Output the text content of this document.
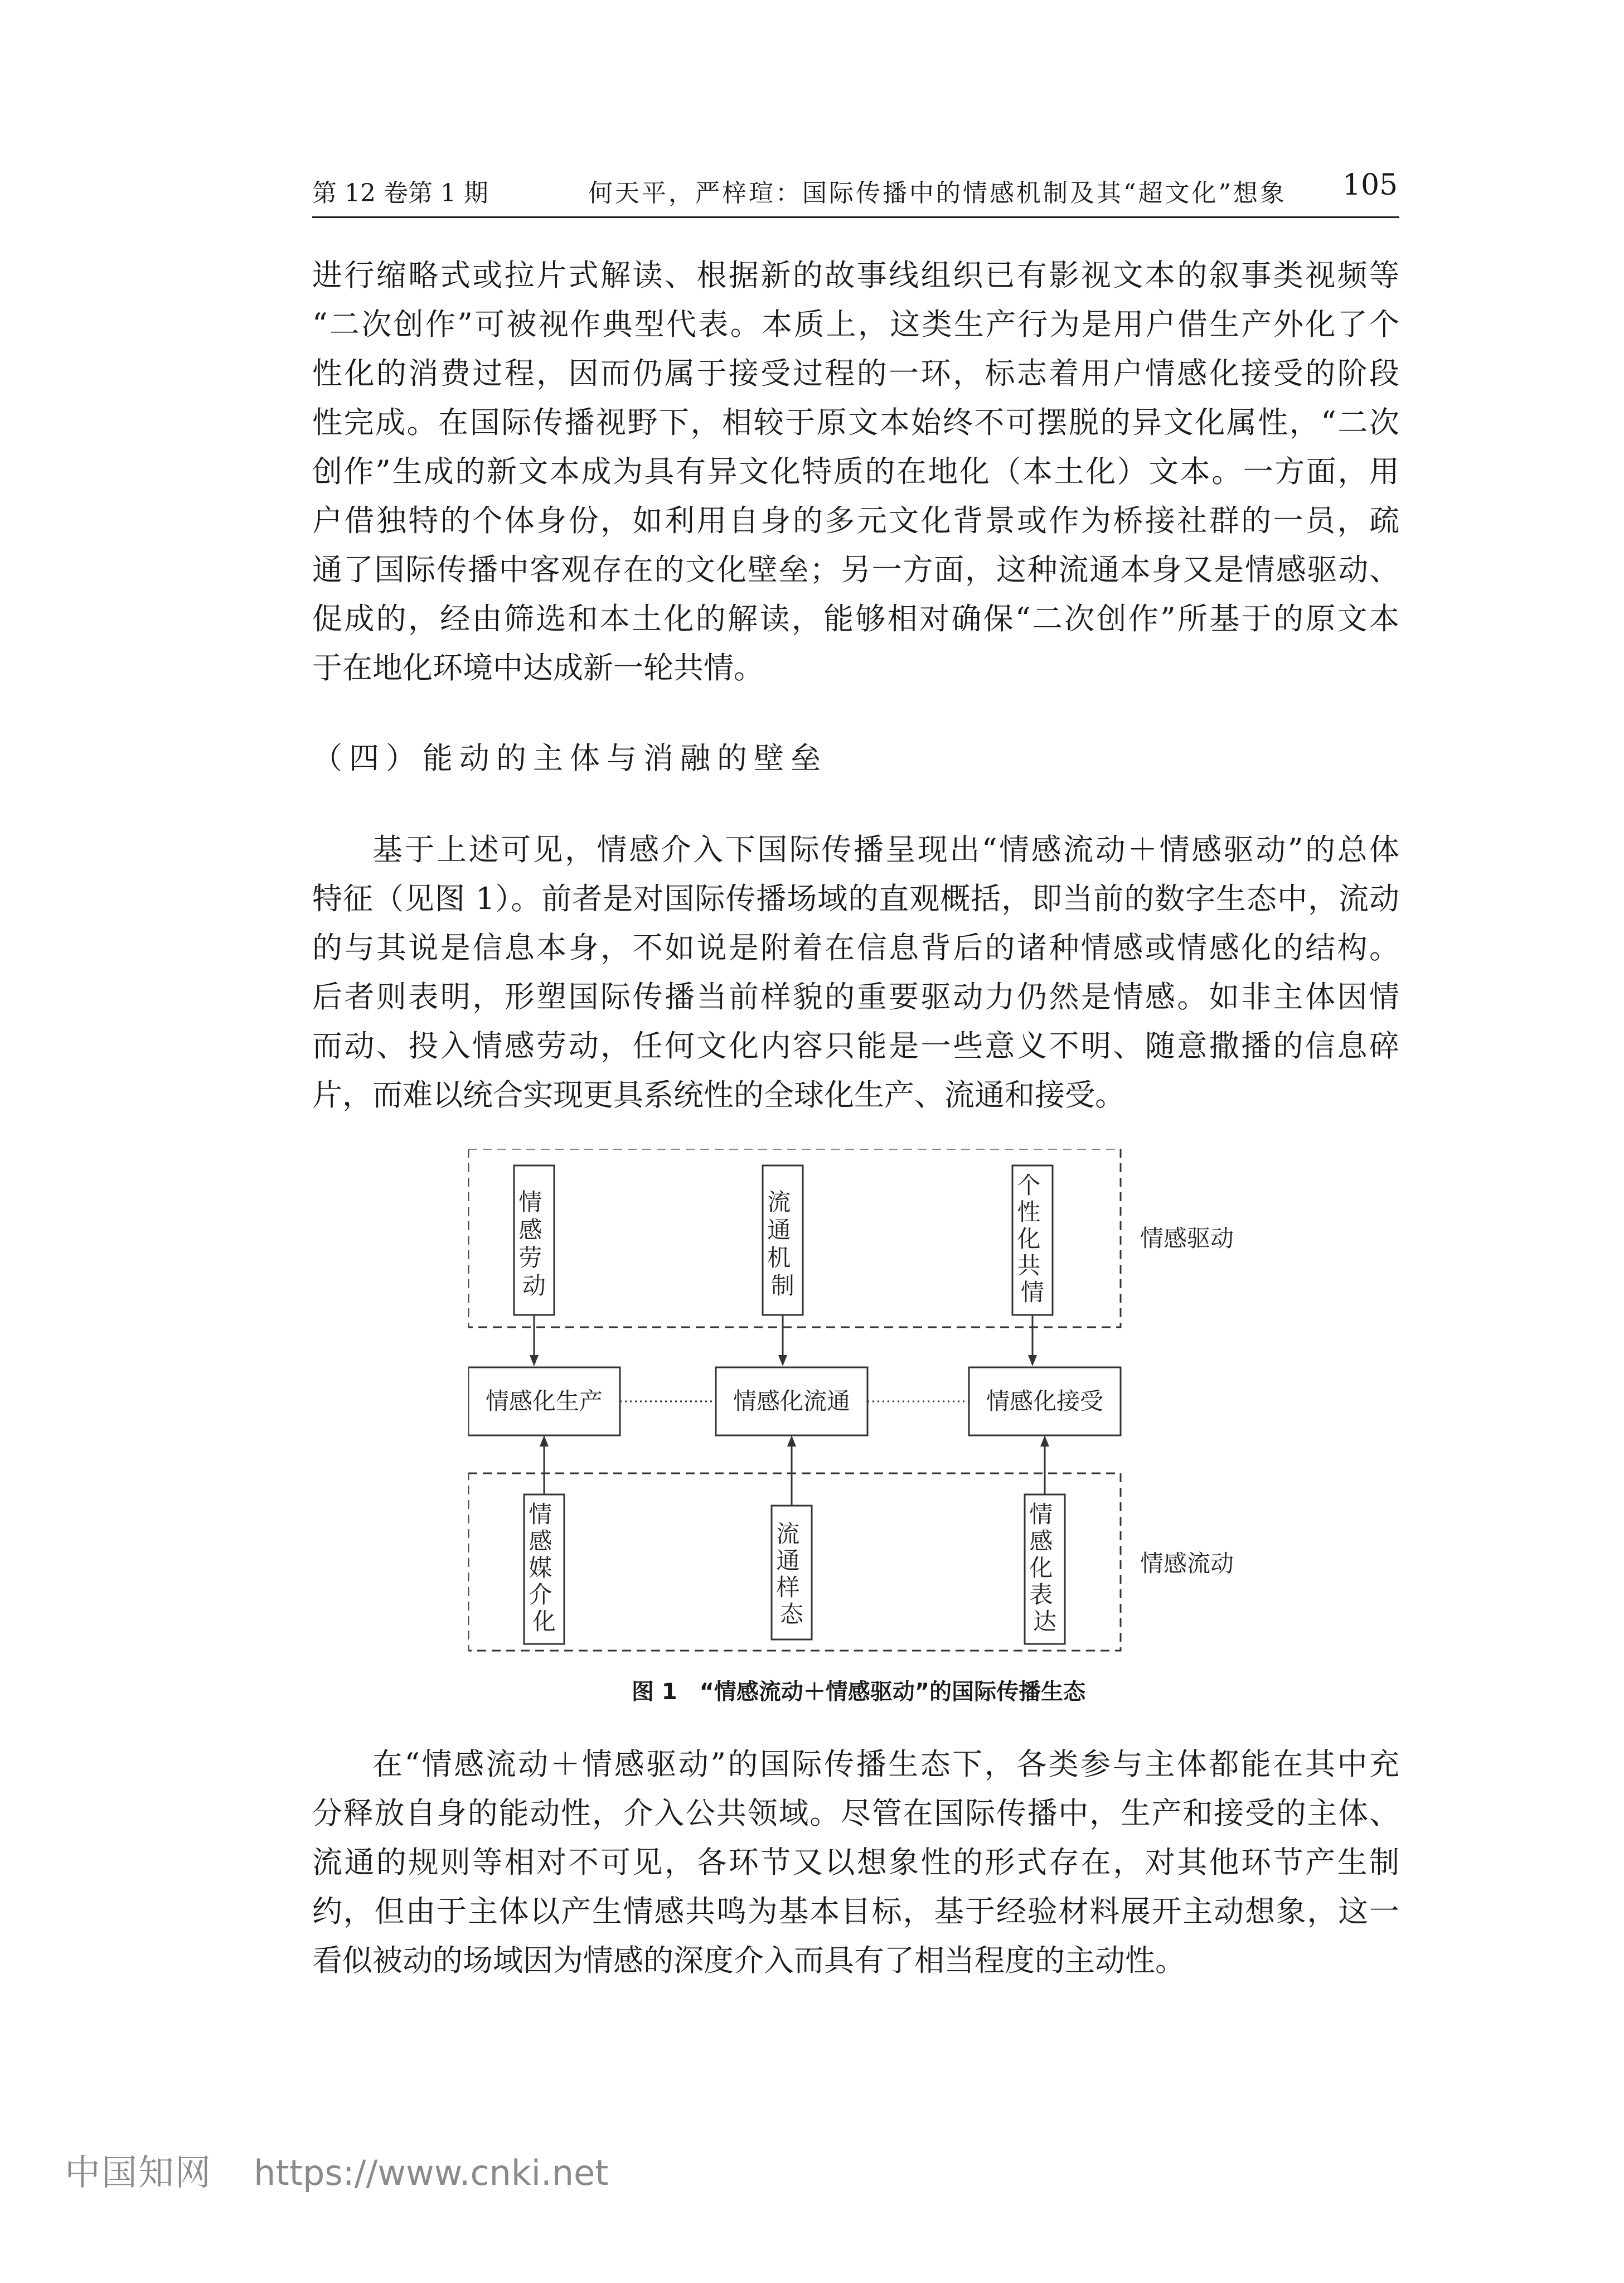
第 12 卷第 1 期	何天平，严梓瑄：国际传播中的情感机制及其“超文化”想象 105
进行缩略式或拉片式解读、根据新的故事线组织已有影视文本的叙事类视频等
“二次创作”可被视作典型代表。本质上，这类生产行为是用户借生产外化了个
性化的消费过程，因而仍属于接受过程的一环，标志着用户情感化接受的阶段
性完成。在国际传播视野下，相较于原文本始终不可摆脱的异文化属性，“二次
创作”生成的新文本成为具有异文化特质的在地化（本土化）文本。一方面，用
户借独特的个体身份，如利用自身的多元文化背景或作为桥接社群的一员，疏
通了国际传播中客观存在的文化壁垒；另一方面，这种流通本身又是情感驱动、
促成的，经由筛选和本土化的解读，能够相对确保“二次创作”所基于的原文本
于在地化环境中达成新一轮共情。
（四）能动的主体与消融的壁垒
基于上述可见，情感介入下国际传播呈现出“情感流动＋情感驱动”的总体
特征（见图 1）。前者是对国际传播场域的直观概括，即当前的数字生态中，流动
的与其说是信息本身，不如说是附着在信息背后的诸种情感或情感化的结构。
后者则表明，形塑国际传播当前样貌的重要驱动力仍然是情感。如非主体因情
而动、投入情感劳动，任何文化内容只能是一些意义不明、随意撒播的信息碎
片，而难以统合实现更具系统性的全球化生产、流通和接受。
情 感 劳 动
流 通 机 制
个 性 化 共 情
情感化生产	情感化流通	情感化接受
情 感 媒 介 化
流 通 样 态
情 感 化 表 达
情感驱动
情感流动
图 1　“情感流动＋情感驱动”的国际传播生态
在“情感流动＋情感驱动”的国际传播生态下，各类参与主体都能在其中充
分释放自身的能动性，介入公共领域。尽管在国际传播中，生产和接受的主体、
流通的规则等相对不可见，各环节又以想象性的形式存在，对其他环节产生制
约，但由于主体以产生情感共鸣为基本目标，基于经验材料展开主动想象，这一
看似被动的场域因为情感的深度介入而具有了相当程度的主动性。
中国知网 https://www.cnki.net
